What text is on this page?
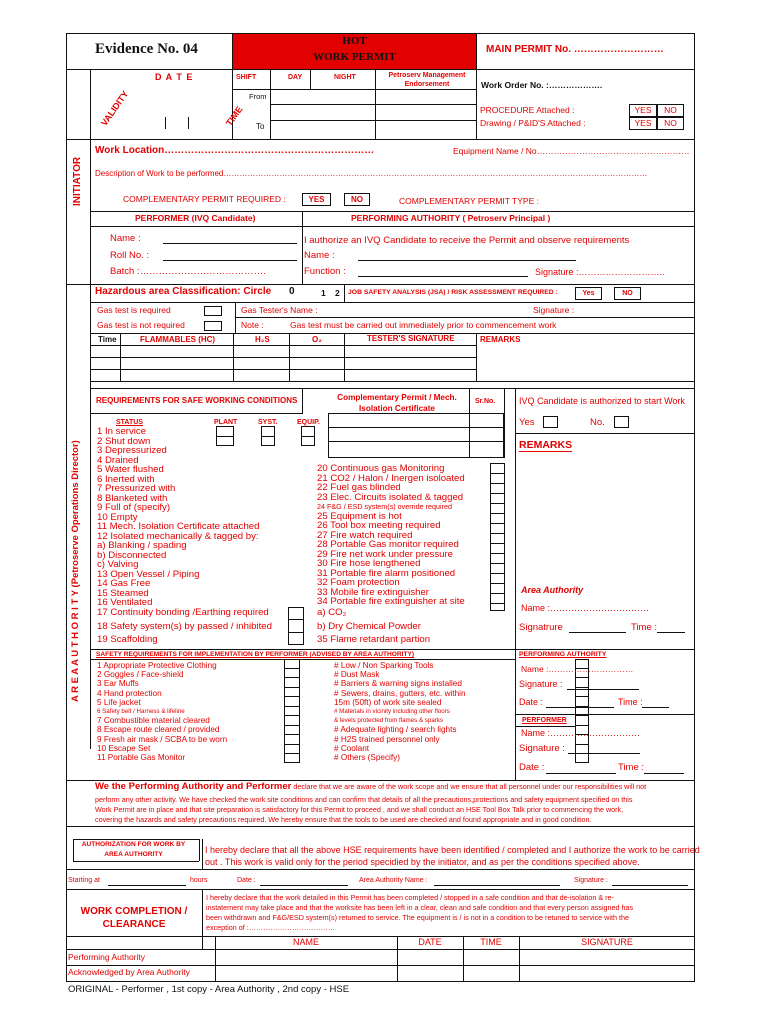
Evidence No. 04	HOT
WORK PERMIT
MAIN PERMIT No. ………………………
D A T E	SHIFT	DAY	NIGHT	Petroserv Management Endorsement
VALIDITY	TIME
From
To
Work Order No. :……………….
PROCEDURE Attached :
Drawing / P&ID'S Attached :
YES	NO
YES	NO
INITIATOR
Work Location………………………………………………………	Equipment Name / No………………………………………………
Description of Work to be performed……………………………………………………………………………………………………………………………………………
COMPLEMENTARY PERMIT REQUIRED :	YES	NO	COMPLEMENTARY PERMIT TYPE :
PERFORMER (IVQ Candidate)	PERFORMING AUTHORITY ( Petroserv Principal )
Name :
Roll No. :
Batch :………………………………….
I authorize an IVQ Candidate to receive the Permit and observe requirements
Name :
Function :	Signature :………………………..
A R E A A U T H O R I T Y (Petroserve Operations Director)
Hazardous area Classification: Circle 0	1 2 JOB SAFETY ANALYSIS (JSA) / RISK ASSESSMENT REQUIRED :	Yes	NO
Gas test is required
Gas test is not required
Gas Tester's Name :	Signature :
Note :	Gas test must be carried out immediately prior to commencement work
Time	FLAMMABLES (HC)	H₂S	O₂	TESTER'S SIGNATURE	REMARKS
REQUIREMENTS FOR SAFE WORKING CONDITIONS	Complementary Permit / Mech. Isolation Certificate
Sr.No.	IVQ Candidate is authorized to start Work
Yes	No.
REMARKS
STATUS	PLANT	SYST.	EQUIP.
1 In service
2 Shut down
3 Depressurized
4 Drained
5 Water flushed
6 Inerted with
7 Pressurized with
8 Blanketed with
9 Full of (specify)
10 Empty
11 Mech. Isolation Certificate attached
12 Isolated mechanically & tagged by:
a) Blanking / spading
b) Disconnected
c) Valving
13 Open Vessel / Piping
14 Gas Free
15 Steamed
16 Ventilated
17 Continuity bonding /Earthing required
18 Safety system(s) by passed / inhibited
19 Scaffolding
20 Continuous gas Monitoring
21 CO2 / Halon / Inergen isoloated
22 Fuel gas blinded
23 Elec. Circuits isolated & tagged
24 F&G / ESD system(s) override required
25 Equipment is hot
26 Tool box meeting required
27 Fire watch required
28 Portable Gas monitor required
29 Fire net work under pressure
30 Fire hose lengthened
31 Portable fire alarm positioned
32 Foam protection
33 Mobile fire extinguisher
34 Portable fire extinguisher at site
a) CO₂
b) Dry Chemical Powder
35 Flame retardant partion
Area Authority
Name :……………………………
Signatrure	Time :
SAFETY REQUIREMENTS FOR IMPLEMENTATION BY PERFORMER (ADVISED BY AREA AUTHORITY)
1 Appropriate Protective Clothing
2 Goggles / Face-shield
3 Ear Muffs
4 Hand protection
5 Life jacket
6 Safety belt / Harness & lifeline
7 Combustible material cleared
8 Escape route cleared / provided
9 Fresh air mask / SCBA to be worn
10 Escape Set
11 Portable Gas Monitor
# Low / Non Sparking Tools
# Dust Mask
# Barriers & warning signs installed
# Sewers, drains, gutters, etc. within
15m (50ft) of work site sealed
# Materials in vicinity including other floors
& levels protected from flames & sparks
# Adequate lighting / search lights
# H2S trained personnel only
# Coolant
# Others (Specify)
PERFORMING AUTHORITY
Name :…………………………
Signature :
Date :	Time :
PERFORMER
Name :…………………………
Signature :
Date :	Time :
We the Performing Authority and Performer declare that we are aware of the work scope and we ensure that all personnel under our responsibilities will not
perform any other activity. We have checked the work site conditions and can confirm that details of all the precautions,protections and safety equipment specified on this
Work Permit are in place and that site preparation is satisfactory for this Permit to proceed , and we shall conduct an HSE Tool Box Talk prior to commencing the work,
covering the hazards and safety precautions required. We hereby ensure that the tools to be used are checked and found appropriate and in good condition.
AUTHORIZATION FOR WORK BY
AREA AUTHORITY	I hereby declare that all the above HSE requirements have been identified / completed and I authorize the work to be carried
out . This work is valid only for the period specidied by the initiator, and as per the conditions specified above.
Starting at	hours	Date :	Area Authority Name :	Signature :
WORK COMPLETION /
CLEARANCE
I hereby declare that the work detailed in this Permit has been completed / stopped in a safe condition and that de-isolation & re-
instatement may take place and that the worksite has been left in a clear, clean and safe condition and that every person assigned has
been withdrawn and F&G/ESD system(s) returned to service. The equipment is / is not in a condition to be retuned to service with the
exception of :………………………………
NAME	DATE	TIME	SIGNATURE
Performing Authority
Acknowledged by Area Authority
ORIGINAL - Performer , 1st copy - Area Authority , 2nd copy - HSE
